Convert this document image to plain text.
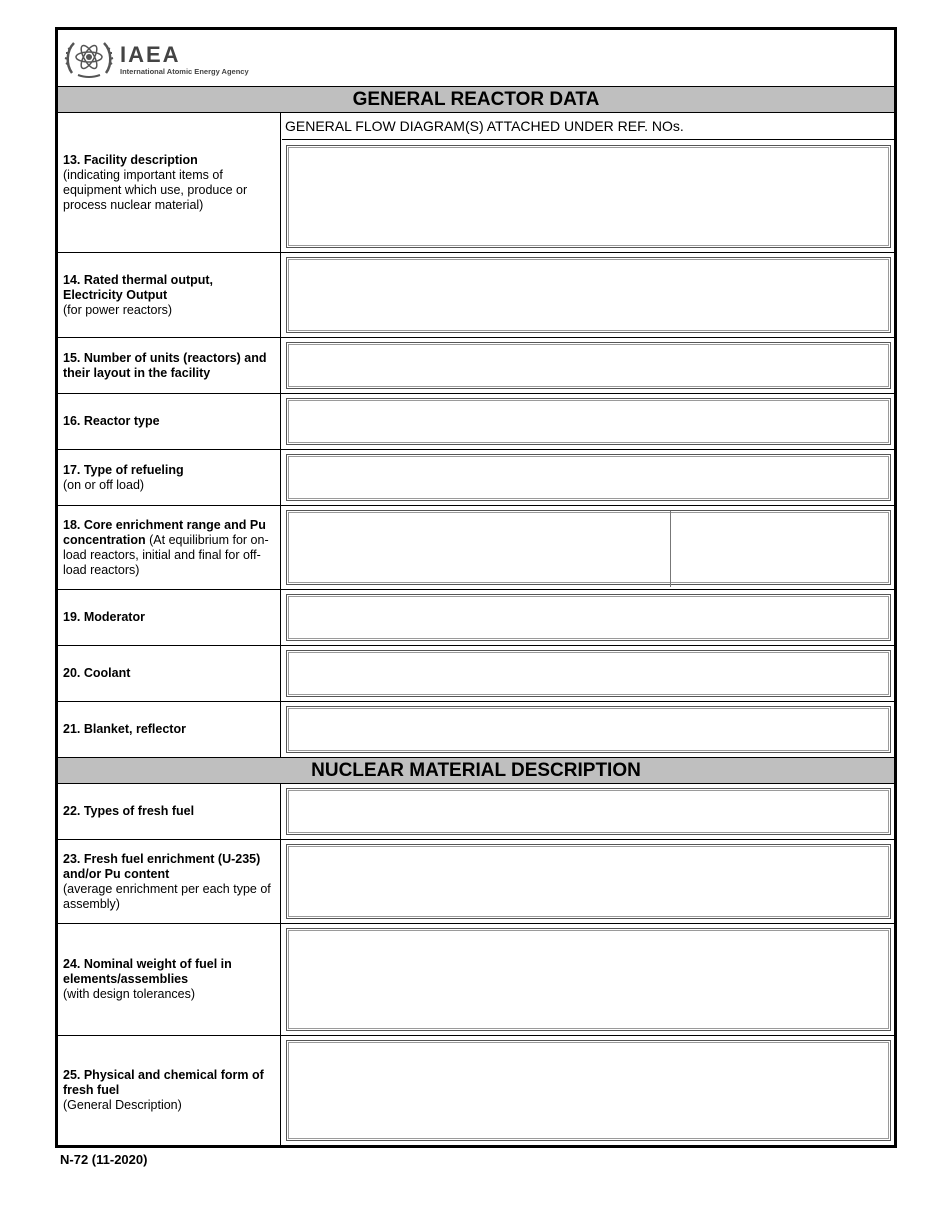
IAEA
International Atomic Energy Agency
GENERAL REACTOR DATA
13. Facility description
(indicating important items of equipment which use, produce or process nuclear material)
GENERAL FLOW DIAGRAM(S) ATTACHED UNDER REF. NOs.
14. Rated thermal output, Electricity Output
(for power reactors)
15. Number of units (reactors) and their layout in the facility
16. Reactor type
17. Type of refueling
(on or off load)
18. Core enrichment range and Pu concentration (At equilibrium for on-load reactors, initial and final for off-load reactors)
19. Moderator
20. Coolant
21. Blanket, reflector
NUCLEAR MATERIAL DESCRIPTION
22. Types of fresh fuel
23. Fresh fuel enrichment (U-235) and/or Pu content
(average enrichment per each type of assembly)
24. Nominal weight of fuel in elements/assemblies
(with design tolerances)
25. Physical and chemical form of fresh fuel
(General Description)
N-72 (11-2020)
